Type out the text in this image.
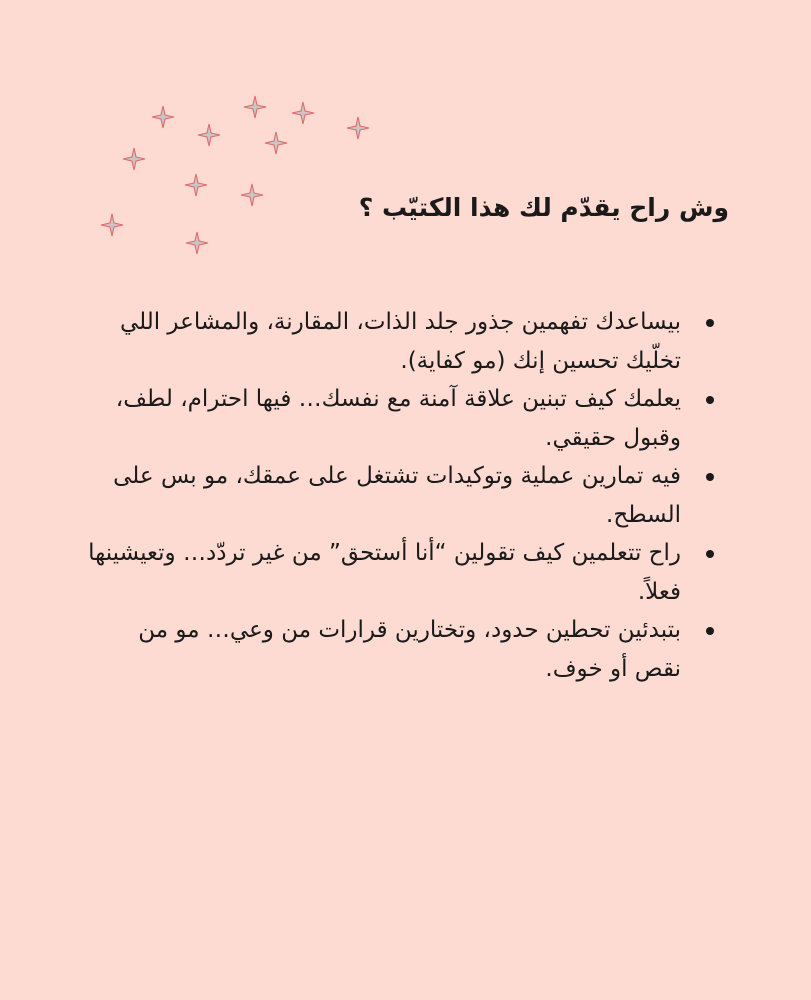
وش راح يقدّم لك هذا الكتيّب ؟
بيساعدك تفهمين جذور جلد الذات، المقارنة، والمشاعر اللي تخلّيك تحسين إنك (مو كفاية).
يعلمك كيف تبنين علاقة آمنة مع نفسك… فيها احترام، لطف، وقبول حقيقي.
فيه تمارين عملية وتوكيدات تشتغل على عمقك، مو بس على السطح.
راح تتعلمين كيف تقولين “أنا أستحق” من غير تردّد… وتعيشينها فعلاً.
بتبدئين تحطين حدود، وتختارين قرارات من وعي… مو من نقص أو خوف.
